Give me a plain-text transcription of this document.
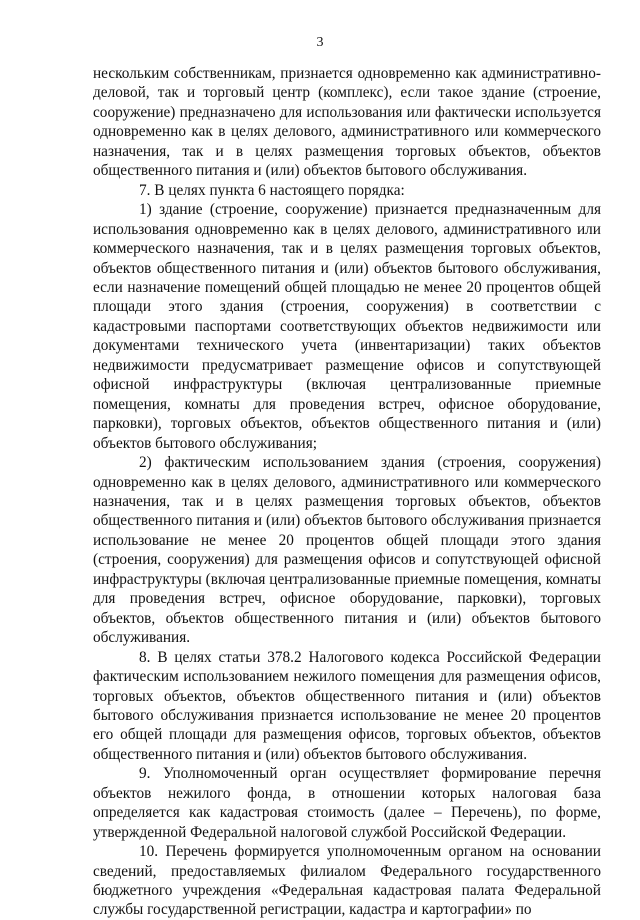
3

нескольким собственникам, признается одновременно как административно-деловой, так и торговый центр (комплекс), если такое здание (строение, сооружение) предназначено для использования или фактически используется одновременно как в целях делового, административного или коммерческого назначения, так и в целях размещения торговых объектов, объектов общественного питания и (или) объектов бытового обслуживания.

7. В целях пункта 6 настоящего порядка:

1) здание (строение, сооружение) признается предназначенным для использования одновременно как в целях делового, административного или коммерческого назначения, так и в целях размещения торговых объектов, объектов общественного питания и (или) объектов бытового обслуживания, если назначение помещений общей площадью не менее 20 процентов общей площади этого здания (строения, сооружения) в соответствии с кадастровыми паспортами соответствующих объектов недвижимости или документами технического учета (инвентаризации) таких объектов недвижимости предусматривает размещение офисов и сопутствующей офисной инфраструктуры (включая централизованные приемные помещения, комнаты для проведения встреч, офисное оборудование, парковки), торговых объектов, объектов общественного питания и (или) объектов бытового обслуживания;

2) фактическим использованием здания (строения, сооружения) одновременно как в целях делового, административного или коммерческого назначения, так и в целях размещения торговых объектов, объектов общественного питания и (или) объектов бытового обслуживания признается использование не менее 20 процентов общей площади этого здания (строения, сооружения) для размещения офисов и сопутствующей офисной инфраструктуры (включая централизованные приемные помещения, комнаты для проведения встреч, офисное оборудование, парковки), торговых объектов, объектов общественного питания и (или) объектов бытового обслуживания.

8. В целях статьи 378.2 Налогового кодекса Российской Федерации фактическим использованием нежилого помещения для размещения офисов, торговых объектов, объектов общественного питания и (или) объектов бытового обслуживания признается использование не менее 20 процентов его общей площади для размещения офисов, торговых объектов, объектов общественного питания и (или) объектов бытового обслуживания.

9. Уполномоченный орган осуществляет формирование перечня объектов нежилого фонда, в отношении которых налоговая база определяется как кадастровая стоимость (далее – Перечень), по форме, утвержденной Федеральной налоговой службой Российской Федерации.

10. Перечень формируется уполномоченным органом на основании сведений, предоставляемых филиалом Федерального государственного бюджетного учреждения «Федеральная кадастровая палата Федеральной службы государственной регистрации, кадастра и картографии» по
